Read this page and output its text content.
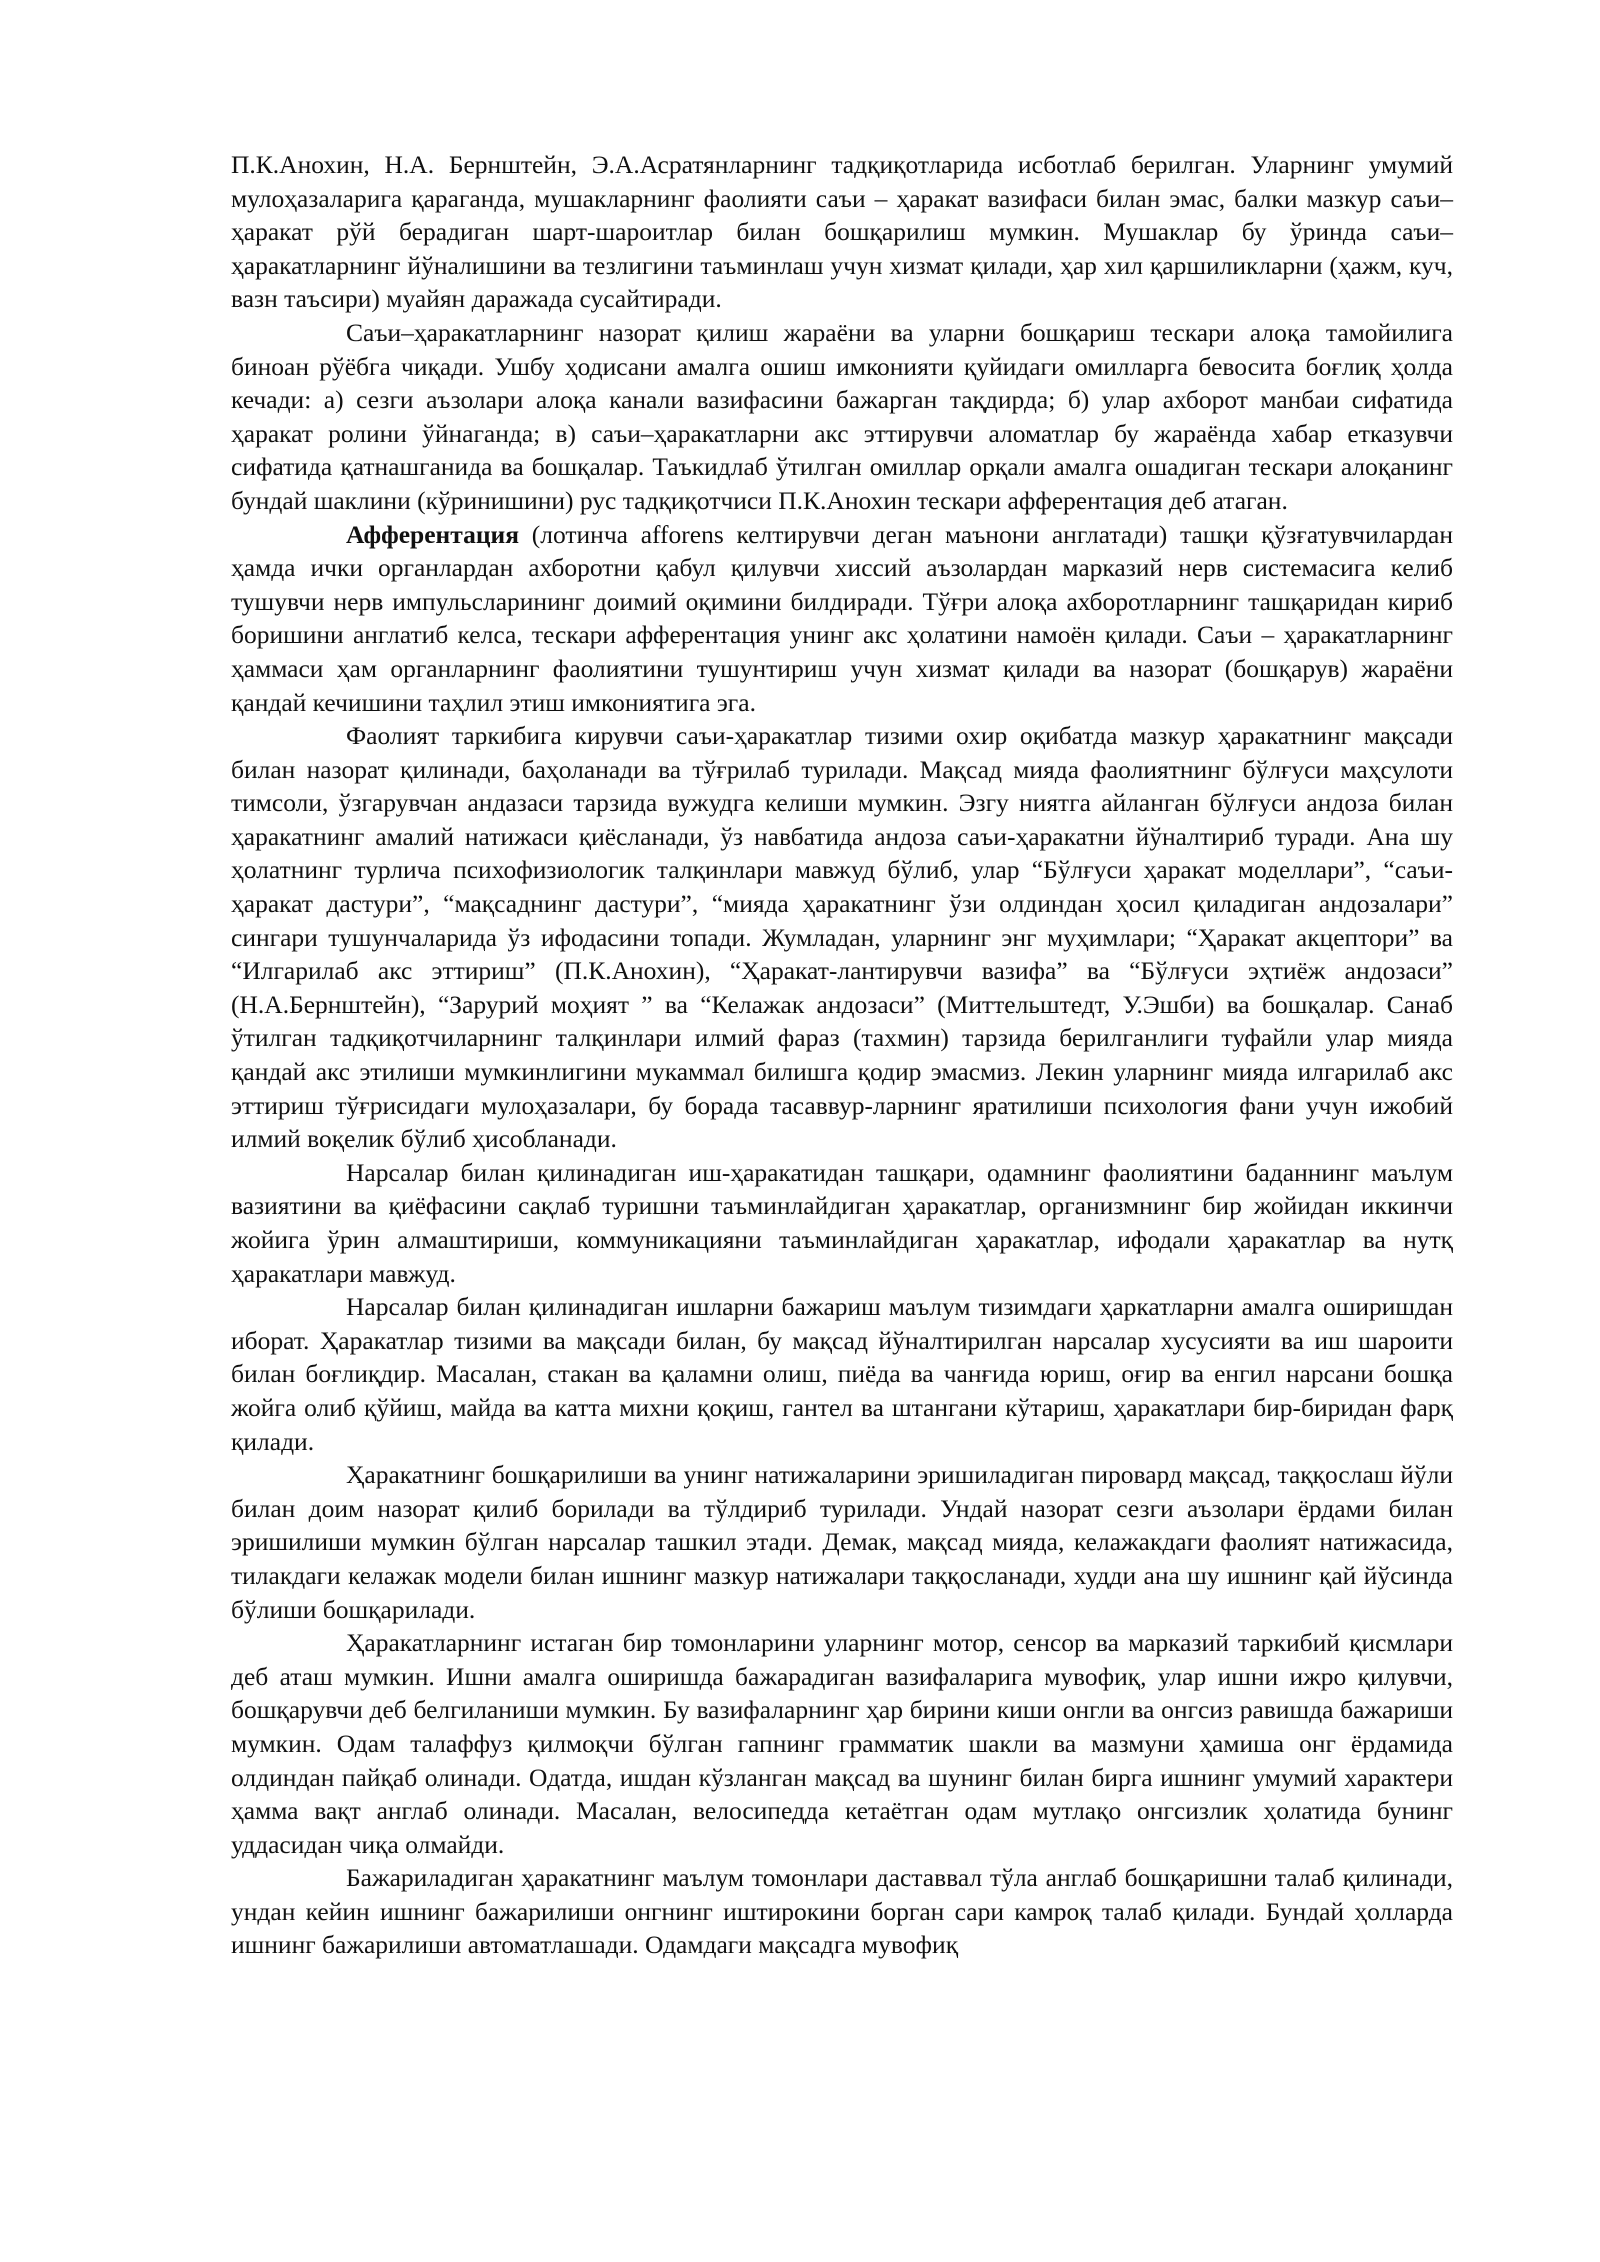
П.К.Анохин, Н.А. Бернштейн, Э.А.Асратянларнинг тадқиқотларида исботлаб берилган. Уларнинг умумий мулоҳазаларига қараганда, мушакларнинг фаолияти саъи – ҳаракат вазифаси билан эмас, балки мазкур саъи–ҳаракат рўй берадиган шарт-шароитлар билан бошқарилиш мумкин. Мушаклар бу ўринда саъи– ҳаракатларнинг йўналишини ва тезлигини таъминлаш учун хизмат қилади, ҳар хил қаршиликларни (ҳажм, куч, вазн таъсири) муайян даражада сусайтиради.

Саъи–ҳаракатларнинг назорат қилиш жараёни ва уларни бошқариш тескари алоқа тамойилига биноан рўёбга чиқади. Ушбу ҳодисани амалга ошиш имконияти қуйидаги омилларга бевосита боғлиқ ҳолда кечади: а) сезги аъзолари алоқа канали вазифасини бажарган тақдирда; б) улар ахборот манбаи сифатида ҳаракат ролини ўйнаганда; в) саъи–ҳаракатларни акс эттирувчи аломатлар бу жараёнда хабар етказувчи сифатида қатнашганида ва бошқалар. Таъкидлаб ўтилган омиллар орқали амалга ошадиган тескари алоқанинг бундай шаклини (кўринишини) рус тадқиқотчиси П.К.Анохин тескари афферентация деб атаган.

Афферентация (лотинча afforens келтирувчи деган маънони англатади) ташқи қўзғатувчилардан ҳамда ички органлардан ахборотни қабул қилувчи хиссий аъзолардан марказий нерв системасига келиб тушувчи нерв импульсларининг доимий оқимини билдиради. Тўғри алоқа ахборотларнинг ташқаридан кириб боришини англатиб келса, тескари афферентация унинг акс ҳолатини намоён қилади. Саъи – ҳаракатларнинг ҳаммаси ҳам органларнинг фаолиятини тушунтириш учун хизмат қилади ва назорат (бошқарув) жараёни қандай кечишини таҳлил этиш имкониятига эга.

Фаолият таркибига кирувчи саъи-ҳаракатлар тизими охир оқибатда мазкур ҳаракатнинг мақсади билан назорат қилинади, баҳоланади ва тўғрилаб турилади. Мақсад мияда фаолиятнинг бўлғуси маҳсулоти тимсоли, ўзгарувчан андазаси тарзида вужудга келиши мумкин. Эзгу ниятга айланган бўлғуси андоза билан ҳаракатнинг амалий натижаси қиёсланади, ўз навбатида андоза саъи-ҳаракатни йўналтириб туради. Ана шу ҳолатнинг турлича психофизиологик талқинлари мавжуд бўлиб, улар “Бўлғуси ҳаракат моделлари”, “саъи-ҳаракат дастури”, “мақсаднинг дастури”, “мияда ҳаракатнинг ўзи олдиндан ҳосил қиладиган андозалари” сингари тушунчаларида ўз ифодасини топади. Жумладан, уларнинг энг муҳимлари; “Ҳаракат акцептори” ва “Илгарилаб акс эттириш” (П.К.Анохин), “Ҳаракат-лантирувчи вазифа” ва “Бўлғуси эҳтиёж андозаси” (Н.А.Бернштейн), “Зарурий моҳият ” ва “Келажак андозаси” (Миттельштедт, У.Эшби) ва бошқалар. Санаб ўтилган тадқиқотчиларнинг талқинлари илмий фараз (тахмин) тарзида берилганлиги туфайли улар мияда қандай акс этилиши мумкинлигини мукаммал билишга қодир эмасмиз. Лекин уларнинг мияда илгарилаб акс эттириш тўғрисидаги мулоҳазалари, бу борада тасаввур-ларнинг яратилиши психология фани учун ижобий илмий воқелик бўлиб ҳисобланади.

Нарсалар билан қилинадиган иш-ҳаракатидан ташқари, одамнинг фаолиятини баданнинг маълум вазиятини ва қиёфасини сақлаб туришни таъминлайдиган ҳаракатлар, организмнинг бир жойидан иккинчи жойига ўрин алмаштириши, коммуникацияни таъминлайдиган ҳаракатлар, ифодали ҳаракатлар ва нутқ ҳаракатлари мавжуд.

Нарсалар билан қилинадиган ишларни бажариш маълум тизимдаги ҳаркатларни амалга оширишдан иборат. Ҳаракатлар тизими ва мақсади билан, бу мақсад йўналтирилган нарсалар хусусияти ва иш шароити билан боғлиқдир. Масалан, стакан ва қаламни олиш, пиёда ва чанғида юриш, оғир ва енгил нарсани бошқа жойга олиб қўйиш, майда ва катта михни қоқиш, гантел ва штангани кўтариш, ҳаракатлари бир-биридан фарқ қилади.

Ҳаракатнинг бошқарилиши ва унинг натижаларини эришиладиган пировард мақсад, таққослаш йўли билан доим назорат қилиб борилади ва тўлдириб турилади. Ундай назорат сезги аъзолари ёрдами билан эришилиши мумкин бўлган нарсалар ташкил этади. Демак, мақсад мияда, келажакдаги фаолият натижасида, тилакдаги келажак модели билан ишнинг мазкур натижалари таққосланади, худди ана шу ишнинг қай йўсинда бўлиши бошқарилади.

Ҳаракатларнинг истаган бир томонларини уларнинг мотор, сенсор ва марказий таркибий қисмлари деб аташ мумкин. Ишни амалга оширишда бажарадиган вазифаларига мувофиқ, улар ишни ижро қилувчи, бошқарувчи деб белгиланиши мумкин. Бу вазифаларнинг ҳар бирини киши онгли ва онгсиз равишда бажариши мумкин. Одам талаффуз қилмоқчи бўлган гапнинг грамматик шакли ва мазмуни ҳамиша онг ёрдамида олдиндан пайқаб олинади. Одатда, ишдан кўзланган мақсад ва шунинг билан бирга ишнинг умумий характери ҳамма вақт англаб олинади. Масалан, велосипедда кетаётган одам мутлақо онгсизлик ҳолатида бунинг уддасидан чиқа олмайди.

Бажариладиган ҳаракатнинг маълум томонлари даставвал тўла англаб бошқаришни талаб қилинади, ундан кейин ишнинг бажарилиши онгнинг иштирокини борган сари камроқ талаб қилади. Бундай ҳолларда ишнинг бажарилиши автоматлашади. Одамдаги мақсадга мувофиқ
